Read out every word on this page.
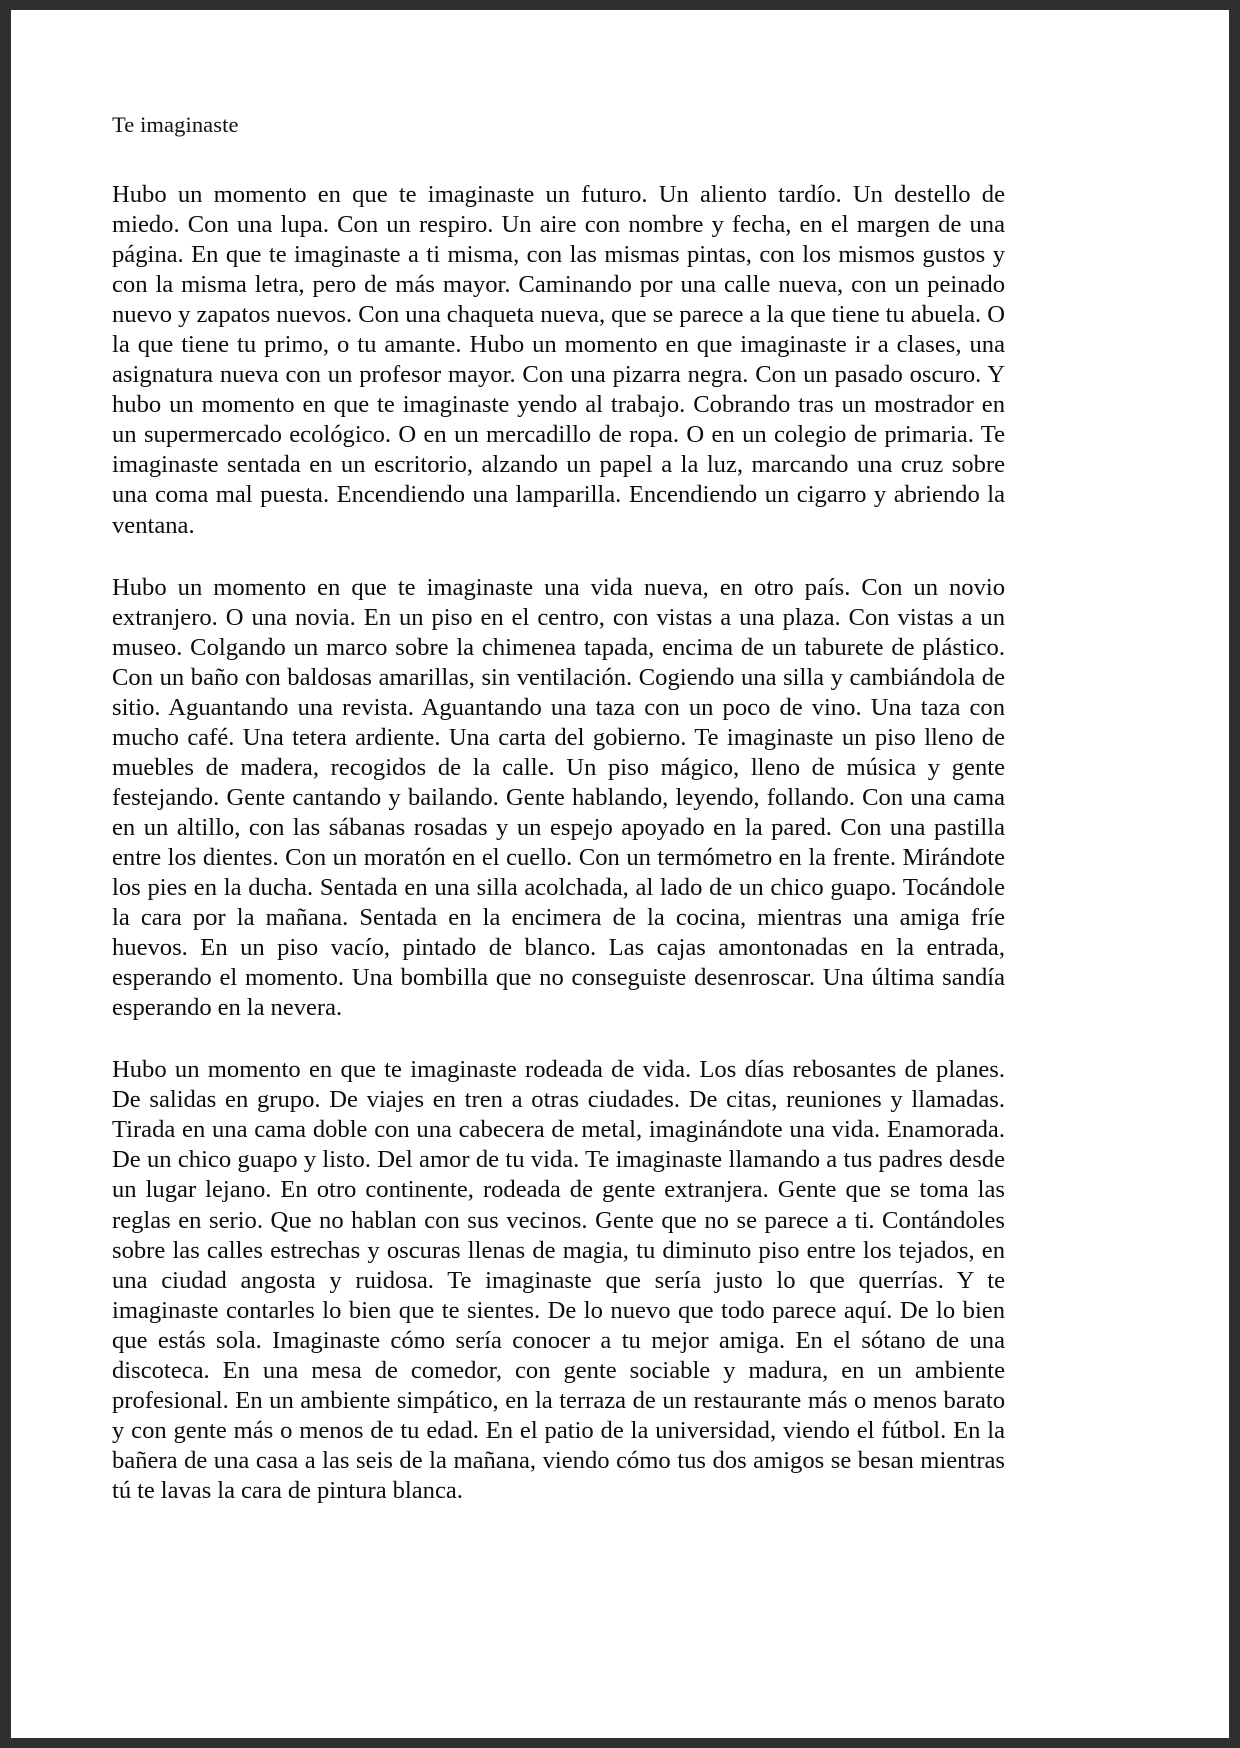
Te imaginaste

Hubo un momento en que te imaginaste un futuro. Un aliento tardío. Un destello de miedo. Con una lupa. Con un respiro. Un aire con nombre y fecha, en el margen de una página. En que te imaginaste a ti misma, con las mismas pintas, con los mismos gustos y con la misma letra, pero de más mayor. Caminando por una calle nueva, con un peinado nuevo y zapatos nuevos. Con una chaqueta nueva, que se parece a la que tiene tu abuela. O la que tiene tu primo, o tu amante. Hubo un momento en que imaginaste ir a clases, una asignatura nueva con un profesor mayor. Con una pizarra negra. Con un pasado oscuro. Y hubo un momento en que te imaginaste yendo al trabajo. Cobrando tras un mostrador en un supermercado ecológico. O en un mercadillo de ropa. O en un colegio de primaria. Te imaginaste sentada en un escritorio, alzando un papel a la luz, marcando una cruz sobre una coma mal puesta. Encendiendo una lamparilla. Encendiendo un cigarro y abriendo la ventana.

Hubo un momento en que te imaginaste una vida nueva, en otro país. Con un novio extranjero. O una novia. En un piso en el centro, con vistas a una plaza. Con vistas a un museo. Colgando un marco sobre la chimenea tapada, encima de un taburete de plástico. Con un baño con baldosas amarillas, sin ventilación. Cogiendo una silla y cambiándola de sitio. Aguantando una revista. Aguantando una taza con un poco de vino. Una taza con mucho café. Una tetera ardiente. Una carta del gobierno. Te imaginaste un piso lleno de muebles de madera, recogidos de la calle. Un piso mágico, lleno de música y gente festejando. Gente cantando y bailando. Gente hablando, leyendo, follando. Con una cama en un altillo, con las sábanas rosadas y un espejo apoyado en la pared. Con una pastilla entre los dientes. Con un moratón en el cuello. Con un termómetro en la frente. Mirándote los pies en la ducha. Sentada en una silla acolchada, al lado de un chico guapo. Tocándole la cara por la mañana. Sentada en la encimera de la cocina, mientras una amiga fríe huevos. En un piso vacío, pintado de blanco. Las cajas amontonadas en la entrada, esperando el momento. Una bombilla que no conseguiste desenroscar. Una última sandía esperando en la nevera.

Hubo un momento en que te imaginaste rodeada de vida. Los días rebosantes de planes. De salidas en grupo. De viajes en tren a otras ciudades. De citas, reuniones y llamadas. Tirada en una cama doble con una cabecera de metal, imaginándote una vida. Enamorada. De un chico guapo y listo. Del amor de tu vida. Te imaginaste llamando a tus padres desde un lugar lejano. En otro continente, rodeada de gente extranjera. Gente que se toma las reglas en serio. Que no hablan con sus vecinos. Gente que no se parece a ti. Contándoles sobre las calles estrechas y oscuras llenas de magia, tu diminuto piso entre los tejados, en una ciudad angosta y ruidosa. Te imaginaste que sería justo lo que querrías. Y te imaginaste contarles lo bien que te sientes. De lo nuevo que todo parece aquí. De lo bien que estás sola. Imaginaste cómo sería conocer a tu mejor amiga. En el sótano de una discoteca. En una mesa de comedor, con gente sociable y madura, en un ambiente profesional. En un ambiente simpático, en la terraza de un restaurante más o menos barato y con gente más o menos de tu edad. En el patio de la universidad, viendo el fútbol. En la bañera de una casa a las seis de la mañana, viendo cómo tus dos amigos se besan mientras tú te lavas la cara de pintura blanca.
